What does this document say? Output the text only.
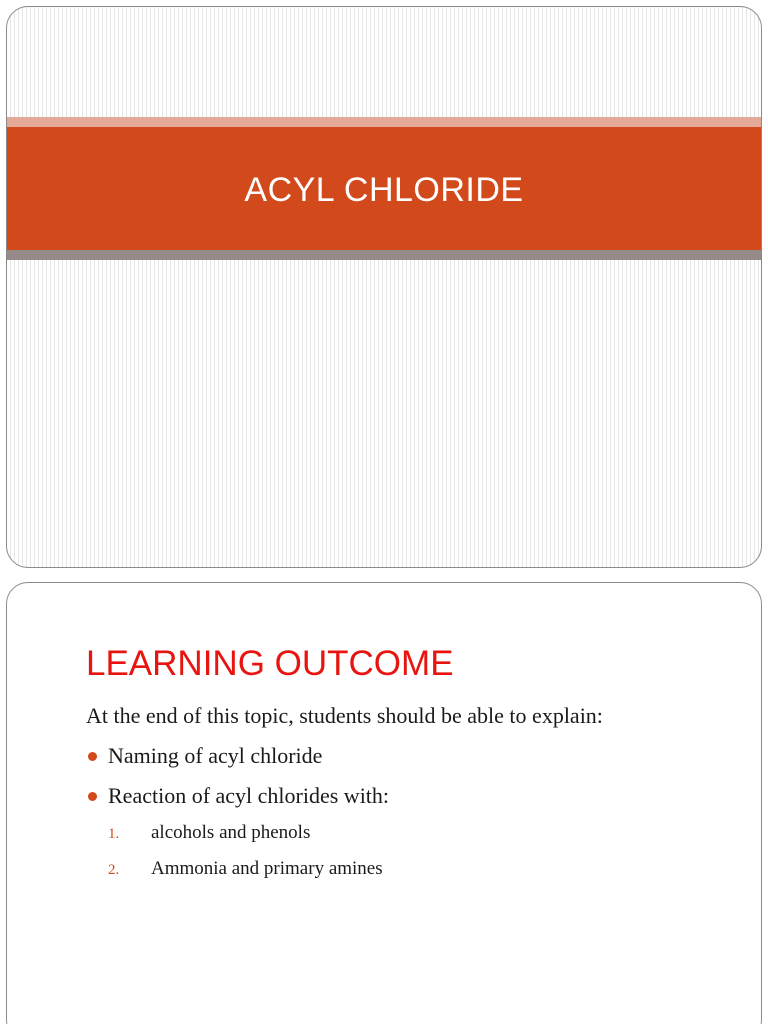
ACYL CHLORIDE
LEARNING OUTCOME
At the end of this topic, students should be able to explain:
Naming of acyl chloride
Reaction of acyl chlorides with:
1. alcohols and phenols
2. Ammonia and primary amines
